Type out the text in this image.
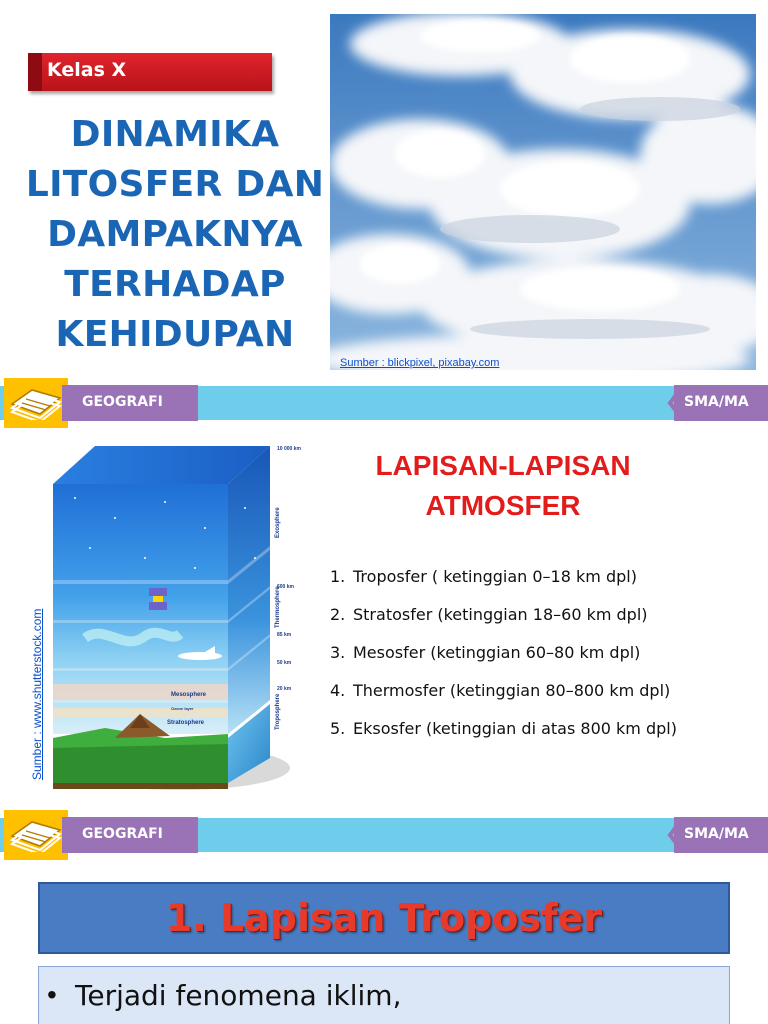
Kelas X
DINAMIKA
LITOSFER DAN
DAMPAKNYA
TERHADAP
KEHIDUPAN
Sumber : blickpixel, pixabay.com
GEOGRAFI	SMA/MA
10 000 km
600 km
85 km
50 km
20 km
Mesosphere
Ozone layer
Stratosphere
Exosphere
Thermosphere
Troposphere
Sumber : www.shutterstock.com
LAPISAN-LAPISAN
ATMOSFER
1. Troposfer ( ketinggian 0–18 km dpl)
2. Stratosfer (ketinggian 18–60 km dpl)
3. Mesosfer (ketinggian 60–80 km dpl)
4. Thermosfer (ketinggian 80–800 km dpl)
5. Eksosfer (ketinggian di atas 800 km dpl)
GEOGRAFI	SMA/MA
1. Lapisan Troposfer
• Terjadi fenomena iklim,
